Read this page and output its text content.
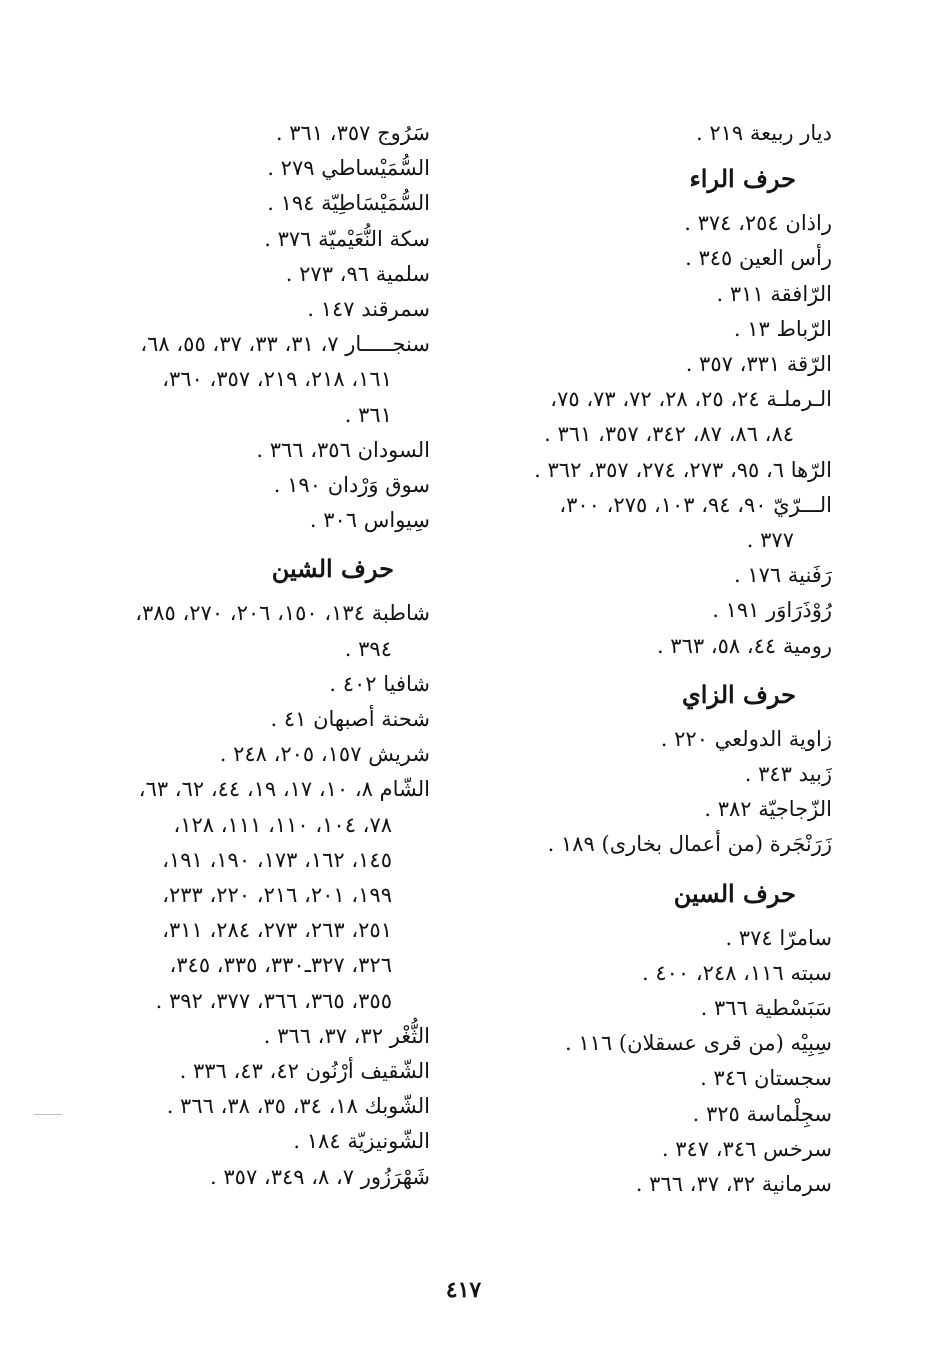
ديار ربيعة ٢١٩ .
حرف الراء
راذان ٢٥٤، ٣٧٤ .
رأس العين ٣٤٥ .
الرّافقة ٣١١ .
الرّباط ١٣ .
الرّقة ٣٣١، ٣٥٧ .
الـرملـة ٢٤، ٢٥، ٢٨، ٧٢، ٧٣، ٧٥،
٨٤، ٨٦، ٨٧، ٣٤٢، ٣٥٧، ٣٦١ .
الرّها ٦، ٩٥، ٢٧٣، ٢٧٤، ٣٥٧، ٣٦٢ .
الـــرّيّ ٩٠، ٩٤، ١٠٣، ٢٧٥، ٣٠٠،
٣٧٧ .
رَفَنية ١٧٦ .
رُوْذَرَاوَر ١٩١ .
رومية ٤٤، ٥٨، ٣٦٣ .
حرف الزاي
زاوية الدولعي ٢٢٠ .
زَبيد ٣٤٣ .
الزّجاجيّة ٣٨٢ .
زَرَنْجَرة (من أعمال بخارى) ١٨٩ .
حرف السين
سامرّا ٣٧٤ .
سبته ١١٦، ٢٤٨، ٤٠٠ .
سَبَسْطية ٣٦٦ .
سِبِيْه (من قرى عسقلان) ١١٦ .
سجستان ٣٤٦ .
سجِلْماسة ٣٢٥ .
سرخس ٣٤٦، ٣٤٧ .
سرمانية ٣٢، ٣٧، ٣٦٦ .
سَرُوج ٣٥٧، ٣٦١ .
السُّمَيْساطي ٢٧٩ .
السُّمَيْسَاطِيّة ١٩٤ .
سكة النُّعَيْميّة ٣٧٦ .
سلمية ٩٦، ٢٧٣ .
سمرقند ١٤٧ .
سنجـــــار ٧، ٣١، ٣٣، ٣٧، ٥٥، ٦٨،
١٦١، ٢١٨، ٢١٩، ٣٥٧، ٣٦٠،
٣٦١ .
السودان ٣٥٦، ٣٦٦ .
سوق وَرْدان ١٩٠ .
سِيواس ٣٠٦ .
حرف الشين
شاطبة ١٣٤، ١٥٠، ٢٠٦، ٢٧٠، ٣٨٥،
٣٩٤ .
شافيا ٤٠٢ .
شحنة أصبهان ٤١ .
شريش ١٥٧، ٢٠٥، ٢٤٨ .
الشّام ٨، ١٠، ١٧، ١٩، ٤٤، ٦٢، ٦٣،
٧٨، ١٠٤، ١١٠، ١١١، ١٢٨،
١٤٥، ١٦٢، ١٧٣، ١٩٠، ١٩١،
١٩٩، ٢٠١، ٢١٦، ٢٢٠، ٢٣٣،
٢٥١، ٢٦٣، ٢٧٣، ٢٨٤، ٣١١،
٣٢٦، ٣٢٧ـ٣٣٠، ٣٣٥، ٣٤٥،
٣٥٥، ٣٦٥، ٣٦٦، ٣٧٧، ٣٩٢ .
الثُّغْر ٣٢، ٣٧، ٣٦٦ .
الشّقيف أرْنُون ٤٢، ٤٣، ٣٣٦ .
الشّوبك ١٨، ٣٤، ٣٥، ٣٨، ٣٦٦ .
الشّونيزيّة ١٨٤ .
شَهْرَزُور ٧، ٨، ٣٤٩، ٣٥٧ .
٤١٧
